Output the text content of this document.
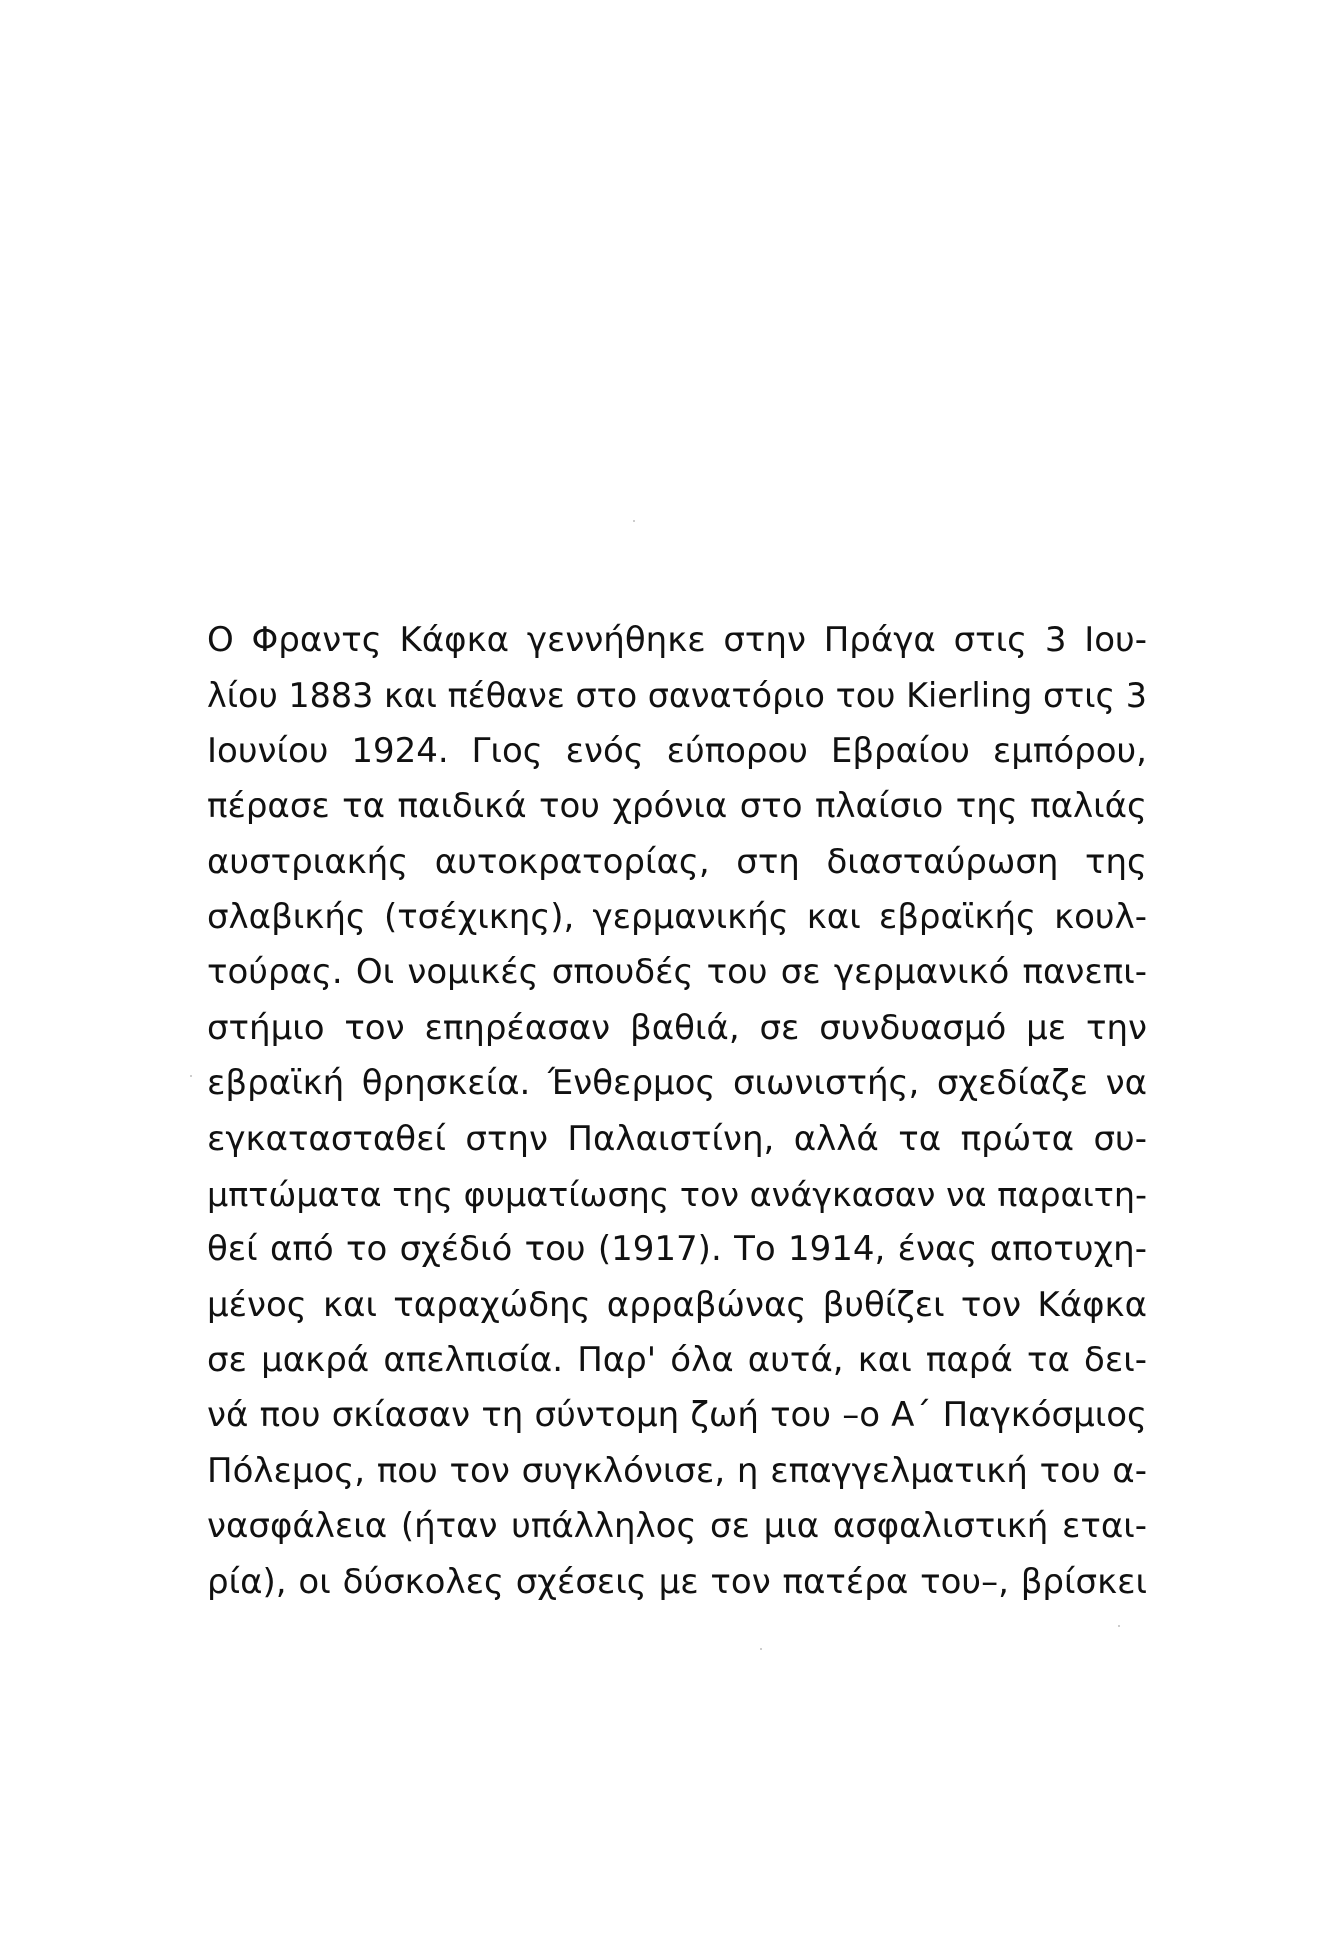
Ο Φραντς Κάφκα γεννήθηκε στην Πράγα στις 3 Ιου-
λίου 1883 και πέθανε στο σανατόριο του Kierling στις 3
Ιουνίου 1924. Γιος ενός εύπορου Εβραίου εμπόρου,
πέρασε τα παιδικά του χρόνια στο πλαίσιο της παλιάς
αυστριακής αυτοκρατορίας, στη διασταύρωση της
σλαβικής (τσέχικης), γερμανικής και εβραϊκής κουλ-
τούρας. Οι νομικές σπουδές του σε γερμανικό πανεπι-
στήμιο τον επηρέασαν βαθιά, σε συνδυασμό με την
εβραϊκή θρησκεία. Ένθερμος σιωνιστής, σχεδίαζε να
εγκατασταθεί στην Παλαιστίνη, αλλά τα πρώτα συ-
μπτώματα της φυματίωσης τον ανάγκασαν να παραιτη-
θεί από το σχέδιό του (1917). Το 1914, ένας αποτυχη-
μένος και ταραχώδης αρραβώνας βυθίζει τον Κάφκα
σε μακρά απελπισία. Παρ' όλα αυτά, και παρά τα δει-
νά που σκίασαν τη σύντομη ζωή του –ο Α΄ Παγκόσμιος
Πόλεμος, που τον συγκλόνισε, η επαγγελματική του α-
νασφάλεια (ήταν υπάλληλος σε μια ασφαλιστική εται-
ρία), οι δύσκολες σχέσεις με τον πατέρα του–, βρίσκει
